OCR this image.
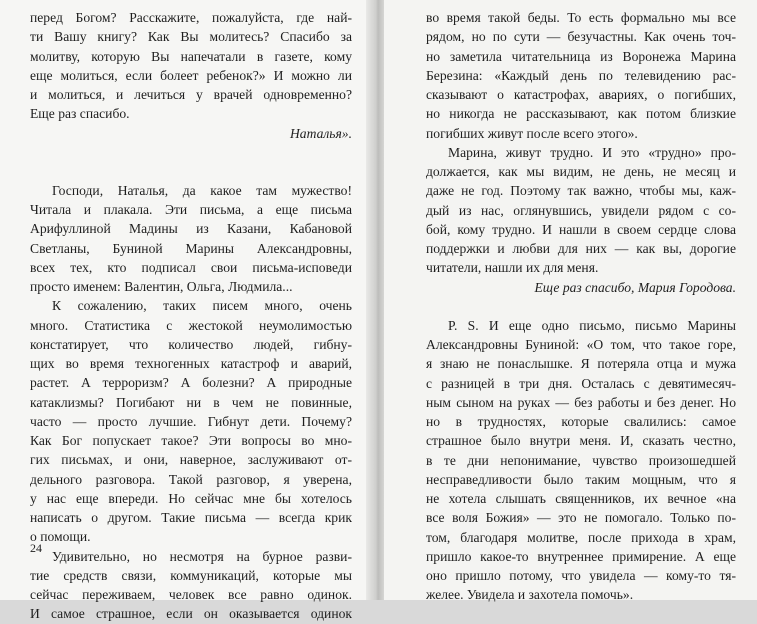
перед Богом? Расскажите, пожалуйста, где най-
ти Вашу книгу? Как Вы молитесь? Спасибо за
молитву, которую Вы напечатали в газете, кому
еще молиться, если болеет ребенок?» И можно ли
и молиться, и лечиться у врачей одновременно?
Еще раз спасибо.
Наталья».
Господи, Наталья, да какое там мужество!
Читала и плакала. Эти письма, а еще письма
Арифуллиной Мадины из Казани, Кабановой
Светланы, Буниной Марины Александровны,
всех тех, кто подписал свои письма-исповеди
просто именем: Валентин, Ольга, Людмила...
К сожалению, таких писем много, очень
много. Статистика с жестокой неумолимостью
констатирует, что количество людей, гибну-
щих во время техногенных катастроф и аварий,
растет. А терроризм? А болезни? А природные
катаклизмы? Погибают ни в чем не повинные,
часто — просто лучшие. Гибнут дети. Почему?
Как Бог попускает такое? Эти вопросы во мно-
гих письмах, и они, наверное, заслуживают от-
дельного разговора. Такой разговор, я уверена,
у нас еще впереди. Но сейчас мне бы хотелось
написать о другом. Такие письма — всегда крик
о помощи.
Удивительно, но несмотря на бурное разви-
тие средств связи, коммуникаций, которые мы
сейчас переживаем, человек все равно одинок.
И самое страшное, если он оказывается одинок
24
во время такой беды. То есть формально мы все
рядом, но по сути — безучастны. Как очень точ-
но заметила читательница из Воронежа Марина
Березина: «Каждый день по телевидению рас-
сказывают о катастрофах, авариях, о погибших,
но никогда не рассказывают, как потом близкие
погибших живут после всего этого».
Марина, живут трудно. И это «трудно» про-
должается, как мы видим, не день, не месяц и
даже не год. Поэтому так важно, чтобы мы, каж-
дый из нас, оглянувшись, увидели рядом с со-
бой, кому трудно. И нашли в своем сердце слова
поддержки и любви для них — как вы, дорогие
читатели, нашли их для меня.
Еще раз спасибо, Мария Городова.
P. S. И еще одно письмо, письмо Марины
Александровны Буниной: «О том, что такое горе,
я знаю не понаслышке. Я потеряла отца и мужа
с разницей в три дня. Осталась с девятимесяч-
ным сыном на руках — без работы и без денег. Но
но в трудностях, которые свалились: самое
страшное было внутри меня. И, сказать честно,
в те дни непонимание, чувство произошедшей
несправедливости было таким мощным, что я
не хотела слышать священников, их вечное «на
все воля Божия» — это не помогало. Только по-
том, благодаря молитве, после прихода в храм,
пришло какое-то внутреннее примирение. А еще
оно пришло потому, что увидела — кому-то тя-
желее. Увидела и захотела помочь».
